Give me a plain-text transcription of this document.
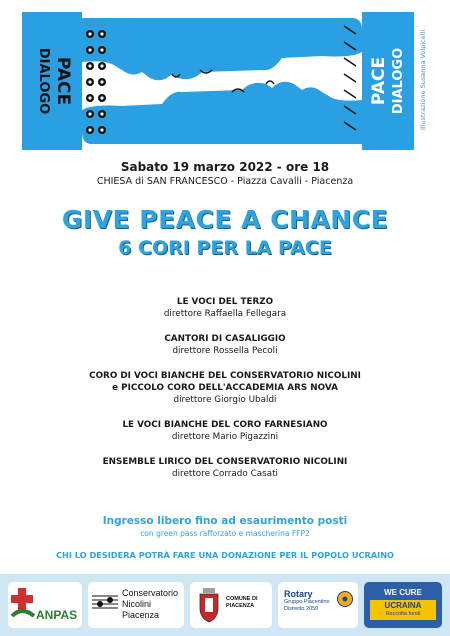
PACE
DIALOGO	PACE DIALOGO Illustrazione Susanna Volpicelli
Sabato 19 marzo 2022 - ore 18
CHIESA di SAN FRANCESCO - Piazza Cavalli - Piacenza
GIVE PEACE A CHANCE
6 CORI PER LA PACE
LE VOCI DEL TERZO
direttore Raffaella Fellegara
CANTORI DI CASALIGGIO
direttore Rossella Pecoli
CORO DI VOCI BIANCHE DEL CONSERVATORIO NICOLINI
e PICCOLO CORO DELL'ACCADEMIA ARS NOVA
direttore Giorgio Ubaldi
LE VOCI BIANCHE DEL CORO FARNESIANO
direttore Mario Pigazzini
ENSEMBLE LIRICO DEL CONSERVATORIO NICOLINI
direttore Corrado Casati
Ingresso libero fino ad esaurimento posti
con green pass rafforzato e mascherina FFP2
CHI LO DESIDERA POTRÀ FARE UNA DONAZIONE PER IL POPOLO UCRAINO
ANPAS
Conservatorio
Nicolini
Piacenza
COMUNE DI
PIACENZA
Rotary
Gruppo Piacentino
Distretto 2050
WE CURE
UCRAINA
Raccolta fondi
